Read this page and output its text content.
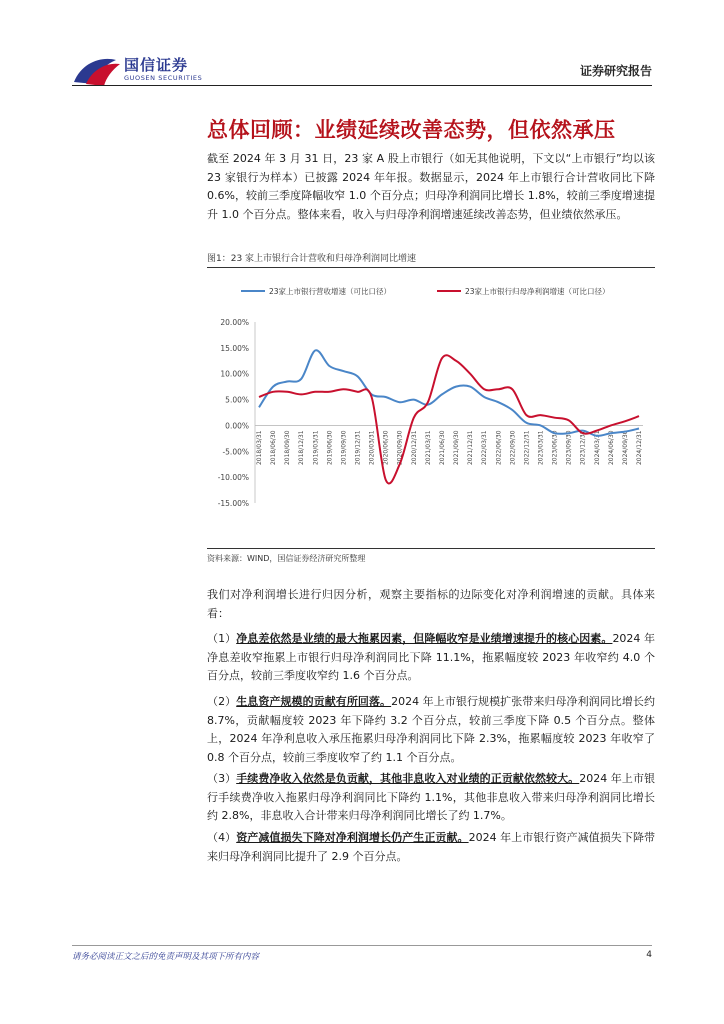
国信证券
GUOSEN SECURITIES	证券研究报告
总体回顾：业绩延续改善态势，但依然承压

截至 2024 年 3 月 31 日，23 家 A 股上市银行（如无其他说明，下文以“上市银行”均以该 23 家银行为样本）已披露 2024 年年报。数据显示，2024 年上市银行合计营收同比下降 0.6%，较前三季度降幅收窄 1.0 个百分点；归母净利润同比增长 1.8%，较前三季度增速提升 1.0 个百分点。整体来看，收入与归母净利润增速延续改善态势，但业绩依然承压。

图1：23 家上市银行合计营收和归母净利润同比增速
23家上市银行营收增速（可比口径）	23家上市银行归母净利润增速（可比口径）
20.00%
15.00%
10.00%
5.00%
0.00%
-5.00%
-10.00%
-15.00%
2018/03/31 2018/06/30 2018/09/30 2018/12/31 2019/03/31 2019/06/30 2019/09/30 2019/12/31 2020/03/31 2020/06/30 2020/09/30 2020/12/31 2021/03/31 2021/06/30 2021/09/30 2021/12/31 2022/03/31 2022/06/30 2022/09/30 2022/12/31 2023/03/31 2023/06/30 2023/09/30 2023/12/31 2024/03/31 2024/06/30 2024/09/30 2024/12/31
资料来源：WIND，国信证券经济研究所整理

我们对净利润增长进行归因分析，观察主要指标的边际变化对净利润增速的贡献。具体来看：

（1）净息差依然是业绩的最大拖累因素，但降幅收窄是业绩增速提升的核心因素。2024 年净息差收窄拖累上市银行归母净利润同比下降 11.1%，拖累幅度较 2023 年收窄约 4.0 个百分点，较前三季度收窄约 1.6 个百分点。

（2）生息资产规模的贡献有所回落。2024 年上市银行规模扩张带来归母净利润同比增长约 8.7%，贡献幅度较 2023 年下降约 3.2 个百分点，较前三季度下降 0.5 个百分点。整体上，2024 年净利息收入承压拖累归母净利润同比下降 2.3%，拖累幅度较 2023 年收窄了 0.8 个百分点，较前三季度收窄了约 1.1 个百分点。

（3）手续费净收入依然是负贡献，其他非息收入对业绩的正贡献依然较大。2024 年上市银行手续费净收入拖累归母净利润同比下降约 1.1%，其他非息收入带来归母净利润同比增长约 2.8%，非息收入合计带来归母净利润同比增长了约 1.7%。

（4）资产减值损失下降对净利润增长仍产生正贡献。2024 年上市银行资产减值损失下降带来归母净利润同比提升了 2.9 个百分点。

请务必阅读正文之后的免责声明及其项下所有内容	4
